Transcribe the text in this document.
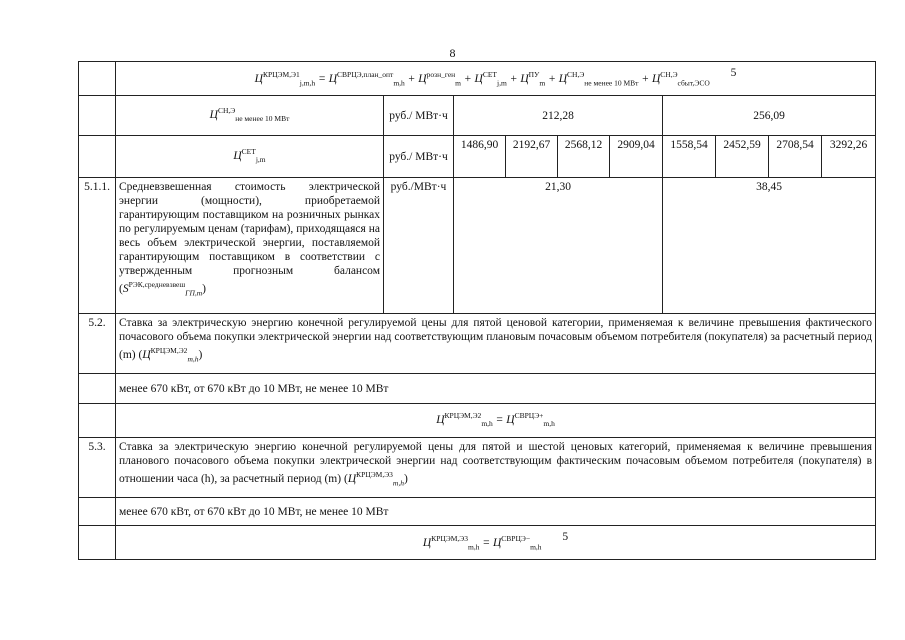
8
	$Ц^{КРЦЭМ,Э1}_{j,m,h} = Ц^{СВРЦЭ,план\_опт}_{m,h} + Ц^{розн\_ген}_m + Ц^{СЕТ}_{j,m} + Ц^{ПУ}_m + Ц^{СН,Э}_{не менее 10 МВт} + Ц^{СН,Э}_{сбыт,ЭСО}$ 5									
	$Ц^{СН,Э}_{не менее 10 МВт}$	руб./ МВт·ч	212,28				256,09			
	$Ц^{СЕТ}_{j,m}$	руб./ МВт·ч	1486,90	2192,67	2568,12	2909,04	1558,54	2452,59	2708,54	3292,26
5.1.1.	Средневзвешенная стоимость электрической энергии (мощности), приобретаемой гарантирующим поставщиком на розничных рынках по регулируемым ценам (тарифам), приходящаяся на весь объем электрической энергии, поставляемой гарантирующим поставщиком в соответствии с утвержденным прогнозным балансом $(S^{РЭК,средневзвеш}_{ГП,m})$	руб./МВт·ч	21,30				38,45			
5.2.	Ставка за электрическую энергию конечной регулируемой цены для пятой ценовой категории, применяемая к величине превышения фактического почасового объема покупки электрической энергии над соответствующим плановым почасовым объемом потребителя (покупателя) за расчетный период (m) $(Ц^{КРЦЭМ,Э2}_{m,h})$									
	менее 670 кВт, от 670 кВт до 10 МВт, не менее 10 МВт									
	$Ц^{КРЦЭМ,Э2}_{m,h} = Ц^{СВРЦЭ+}_{m,h}$
5.3.	Ставка за электрическую энергию конечной регулируемой цены для пятой и шестой ценовых категорий, применяемая к величине превышения планового почасового объема покупки электрической энергии над соответствующим фактическим почасовым объемом потребителя (покупателя) в отношении часа (h), за расчетный период (m) $(Ц^{КРЦЭМ,Э3}_{m,h})$									
	менее 670 кВт, от 670 кВт до 10 МВт, не менее 10 МВт									
	$Ц^{КРЦЭМ,Э3}_{m,h} = Ц^{СВРЦЭ-}_{m,h}$ 5									
